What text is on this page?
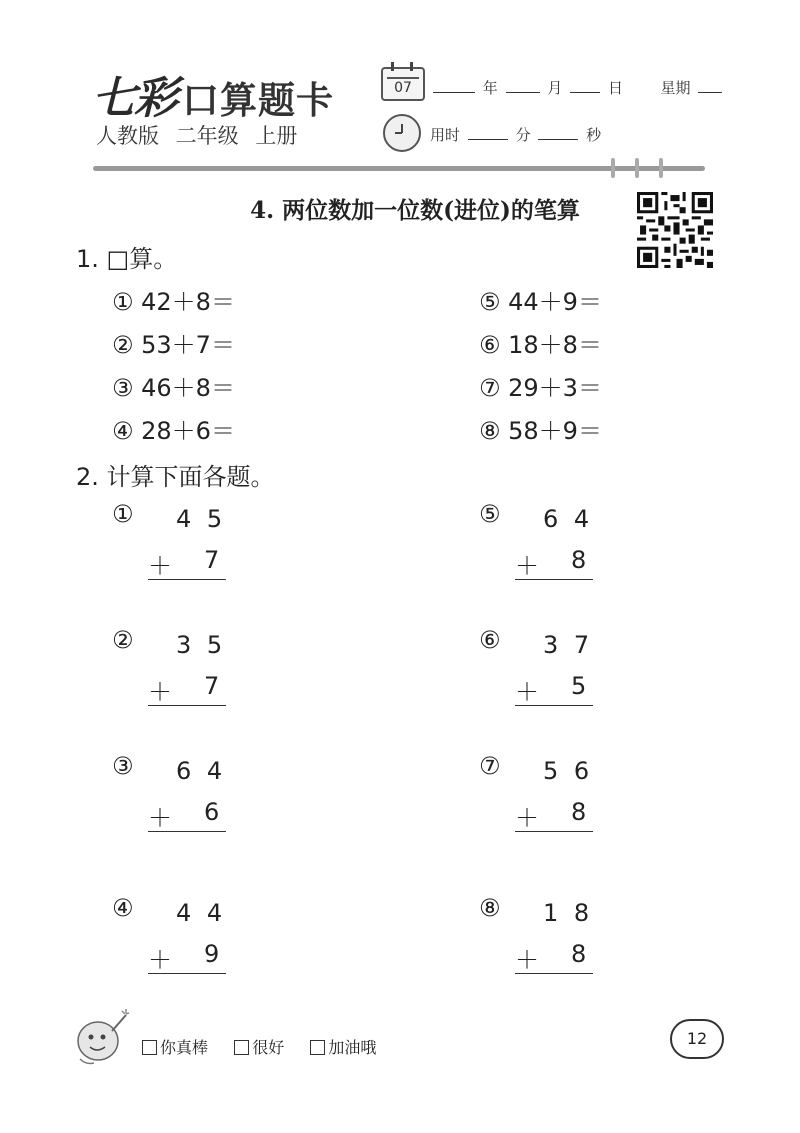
七彩 口算题卡
人教版 二年级 上册
07	年	月	日	星期
用时	分	秒
4. 两位数加一位数(进位)的笔算
1. □算。
① 42＋8＝
② 53＋7＝
③ 46＋8＝
④ 28＋6＝
⑤ 44＋9＝
⑥ 18＋8＝
⑦ 29＋3＝
⑧ 58＋9＝
2. 计算下面各题。
① 4 5
＋ 7
② 3 5
＋ 7
③ 6 4
＋ 6
④ 4 4
＋ 9
⑤ 6 4
＋ 8
⑥ 3 7
＋ 5
⑦ 5 6
＋ 8
⑧ 1 8
＋ 8
你真棒	很好	加油哦	12
